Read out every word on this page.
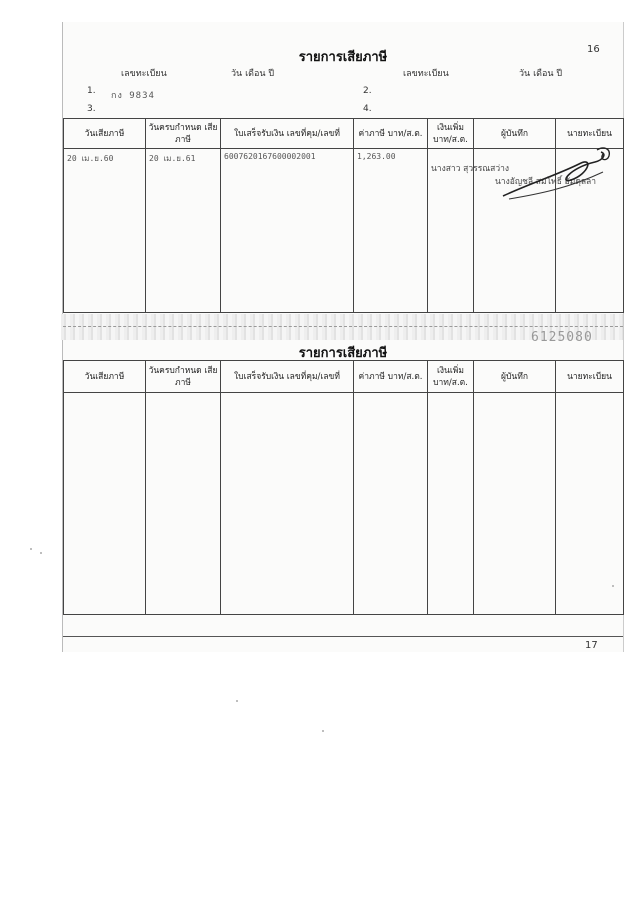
รายการเสียภาษี
16
เลขทะเบียน	วัน เดือน ปี	เลขทะเบียน	วัน เดือน ปี
1. กง 9834	2.
3.	4.
วันเสียภาษี	วันครบกำหนด เสียภาษี	ใบเสร็จรับเงิน เลขที่คุม/เลขที่	ค่าภาษี บาท/ส.ต.	เงินเพิ่ม บาท/ส.ต.	ผู้บันทึก	นายทะเบียน

20 เม.ย.60	20 เม.ย.61	6007620167600002001	1,263.00			

นางสาว สุวรรณสว่าง
นางอัญชลี สมโพธิ์ อัมดุลลา
6125080
รายการเสียภาษี
วันเสียภาษี	วันครบกำหนด เสียภาษี	ใบเสร็จรับเงิน เลขที่คุม/เลขที่	ค่าภาษี บาท/ส.ต.	เงินเพิ่ม บาท/ส.ต.	ผู้บันทึก	นายทะเบียน

17
